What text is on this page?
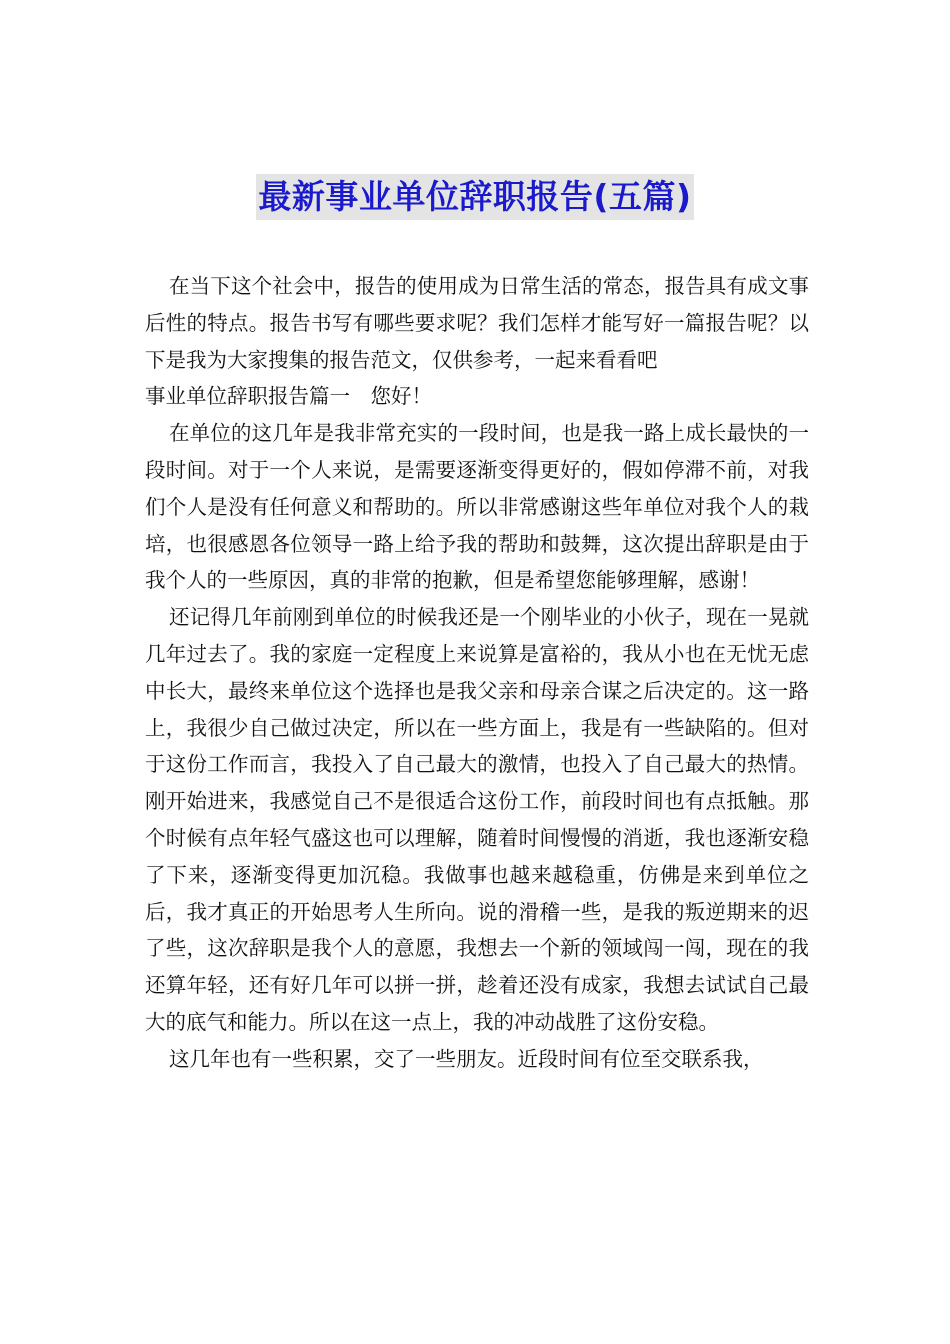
最新事业单位辞职报告(五篇)

在当下这个社会中，报告的使用成为日常生活的常态，报告具有成文事后性的特点。报告书写有哪些要求呢？我们怎样才能写好一篇报告呢？以下是我为大家搜集的报告范文，仅供参考，一起来看看吧

事业单位辞职报告篇一　您好！

在单位的这几年是我非常充实的一段时间，也是我一路上成长最快的一段时间。对于一个人来说，是需要逐渐变得更好的，假如停滞不前，对我们个人是没有任何意义和帮助的。所以非常感谢这些年单位对我个人的栽培，也很感恩各位领导一路上给予我的帮助和鼓舞，这次提出辞职是由于我个人的一些原因，真的非常的抱歉，但是希望您能够理解，感谢！

还记得几年前刚到单位的时候我还是一个刚毕业的小伙子，现在一晃就几年过去了。我的家庭一定程度上来说算是富裕的，我从小也在无忧无虑中长大，最终来单位这个选择也是我父亲和母亲合谋之后决定的。这一路上，我很少自己做过决定，所以在一些方面上，我是有一些缺陷的。但对于这份工作而言，我投入了自己最大的激情，也投入了自己最大的热情。刚开始进来，我感觉自己不是很适合这份工作，前段时间也有点抵触。那个时候有点年轻气盛这也可以理解，随着时间慢慢的消逝，我也逐渐安稳了下来，逐渐变得更加沉稳。我做事也越来越稳重，仿佛是来到单位之后，我才真正的开始思考人生所向。说的滑稽一些，是我的叛逆期来的迟了些，这次辞职是我个人的意愿，我想去一个新的领域闯一闯，现在的我还算年轻，还有好几年可以拼一拼，趁着还没有成家，我想去试试自己最大的底气和能力。所以在这一点上，我的冲动战胜了这份安稳。

这几年也有一些积累，交了一些朋友。近段时间有位至交联系我，
